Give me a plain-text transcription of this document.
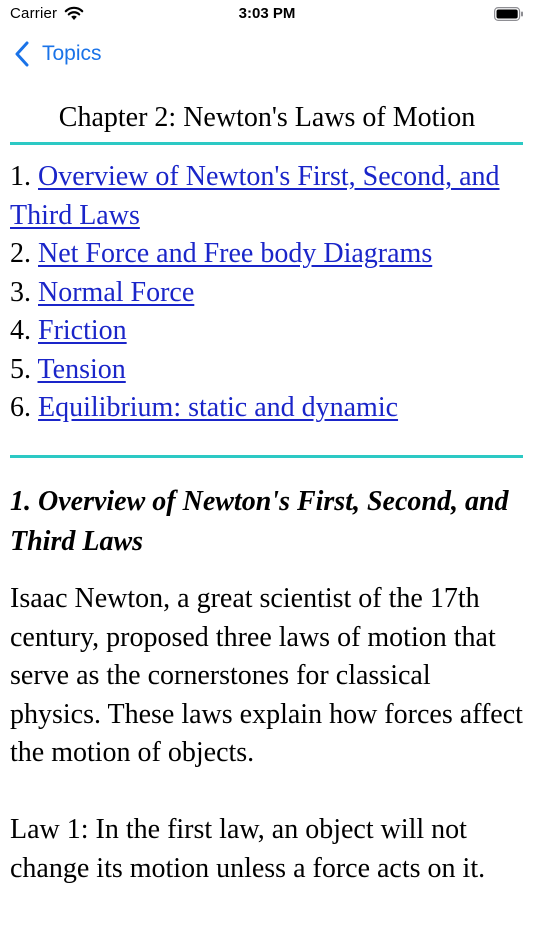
Carrier	3:03 PM
Topics
Chapter 2: Newton's Laws of Motion
1. Overview of Newton's First, Second, and Third Laws
2. Net Force and Free body Diagrams
3. Normal Force
4. Friction
5. Tension
6. Equilibrium: static and dynamic
1. Overview of Newton's First, Second, and Third Laws
Isaac Newton, a great scientist of the 17th century, proposed three laws of motion that serve as the cornerstones for classical physics. These laws explain how forces affect the motion of objects.
Law 1: In the first law, an object will not change its motion unless a force acts on it.
